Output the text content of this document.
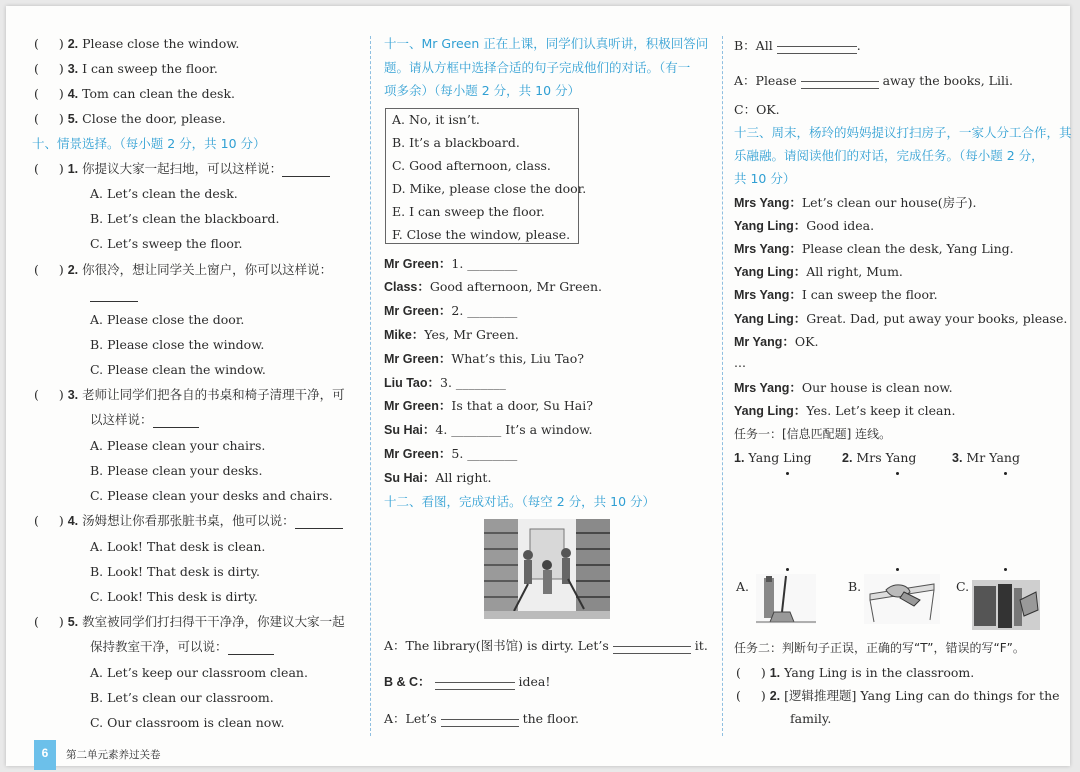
( ) 2. Please close the window.
( ) 3. I can sweep the floor.
( ) 4. Tom can clean the desk.
( ) 5. Close the door, please.
十、情景选择。（每小题 2 分，共 10 分）
( ) 1. 你提议大家一起扫地，可以这样说：
A. Let’s clean the desk.
B. Let’s clean the blackboard.
C. Let’s sweep the floor.
( ) 2. 你很冷，想让同学关上窗户，你可以这样说：
A. Please close the door.
B. Please close the window.
C. Please clean the window.
( ) 3. 老师让同学们把各自的书桌和椅子清理干净，可
以这样说：
A. Please clean your chairs.
B. Please clean your desks.
C. Please clean your desks and chairs.
( ) 4. 汤姆想让你看那张脏书桌，他可以说：
A. Look! That desk is clean.
B. Look! That desk is dirty.
C. Look! This desk is dirty.
( ) 5. 教室被同学们打扫得干干净净，你建议大家一起
保持教室干净，可以说：
A. Let’s keep our classroom clean.
B. Let’s clean our classroom.
C. Our classroom is clean now.
十一、Mr Green 正在上课，同学们认真听讲，积极回答问
题。请从方框中选择合适的句子完成他们的对话。（有一
项多余）（每小题 2 分，共 10 分）
A. No, it isn’t.
B. It’s a blackboard.
C. Good afternoon, class.
D. Mike, please close the door.
E. I can sweep the floor.
F. Close the window, please.
Mr Green：1. ________
Class：Good afternoon, Mr Green.
Mr Green：2. ________
Mike：Yes, Mr Green.
Mr Green：What’s this, Liu Tao?
Liu Tao：3. ________
Mr Green：Is that a door, Su Hai?
Su Hai：4. ________ It’s a window.
Mr Green：5. ________
Su Hai：All right.
十二、看图，完成对话。（每空 2 分，共 10 分）
A：The library(图书馆) is dirty. Let’s	it.
B & C：	idea!
A：Let’s	the floor.
B：All	.
A：Please	away the books, Lili.
C：OK.
十三、周末，杨玲的妈妈提议打扫房子，一家人分工合作，其
乐融融。请阅读他们的对话，完成任务。（每小题 2 分，
共 10 分）
Mrs Yang：Let’s clean our house(房子).
Yang Ling：Good idea.
Mrs Yang：Please clean the desk, Yang Ling.
Yang Ling：All right, Mum.
Mrs Yang：I can sweep the floor.
Yang Ling：Great. Dad, put away your books, please.
Mr Yang：OK.
...
Mrs Yang：Our house is clean now.
Yang Ling：Yes. Let’s keep it clean.
任务一：[信息匹配题] 连线。
1. Yang Ling 2. Mrs Yang	3. Mr Yang
A.	B.	C.
任务二：判断句子正误，正确的写“T”，错误的写“F”。
( ) 1. Yang Ling is in the classroom.
( ) 2. [逻辑推理题] Yang Ling can do things for the
family.
6	第二单元素养过关卷
